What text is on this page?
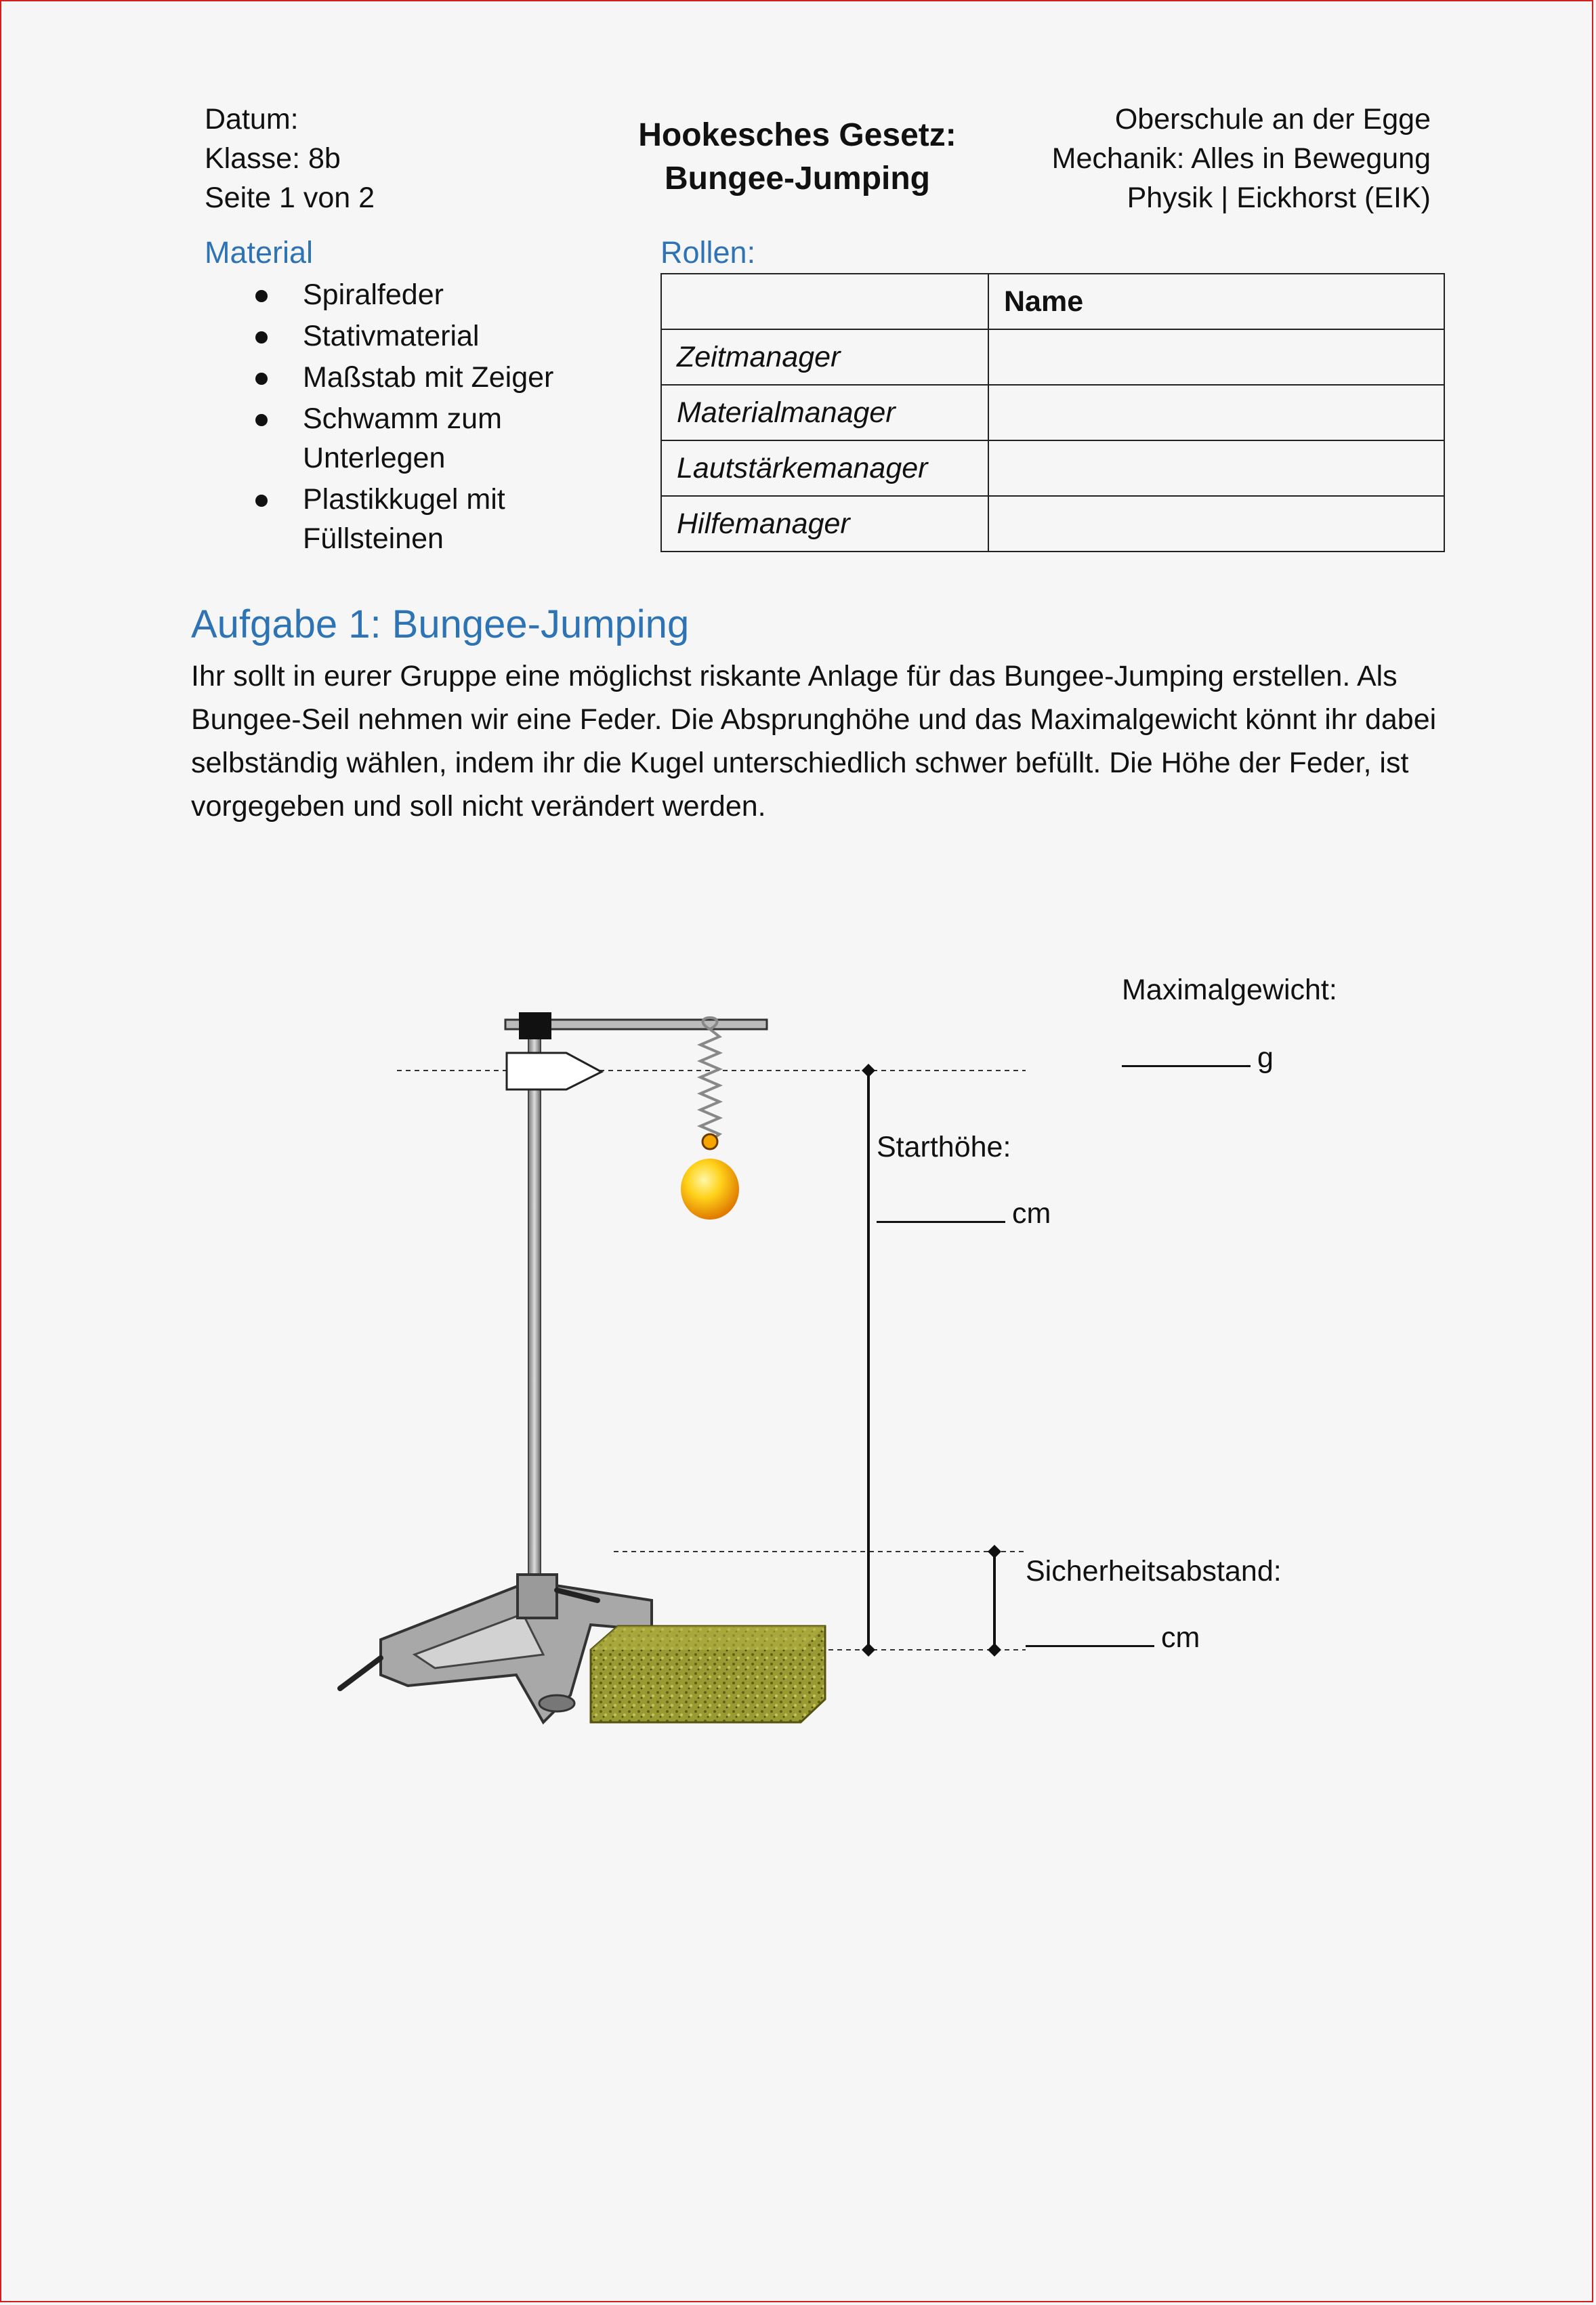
Datum:
Klasse: 8b
Seite 1 von 2
Hookesches Gesetz:
Bungee-Jumping
Oberschule an der Egge
Mechanik: Alles in Bewegung
Physik | Eickhorst (EIK)
Material
Spiralfeder
Stativmaterial
Maßstab mit Zeiger
Schwamm zum Unterlegen
Plastikkugel mit Füllsteinen
Rollen:
	Name
Zeitmanager	
Materialmanager	
Lautstärkemanager	
Hilfemanager	
Aufgabe 1: Bungee-Jumping
Ihr sollt in eurer Gruppe eine möglichst riskante Anlage für das Bungee-Jumping erstellen. Als Bungee-Seil nehmen wir eine Feder. Die Absprunghöhe und das Maximalgewicht könnt ihr dabei selbständig wählen, indem ihr die Kugel unterschiedlich schwer befüllt. Die Höhe der Feder, ist vorgegeben und soll nicht verändert werden.
Maximalgewicht:
g
Starthöhe:
cm
Sicherheitsabstand:
cm
